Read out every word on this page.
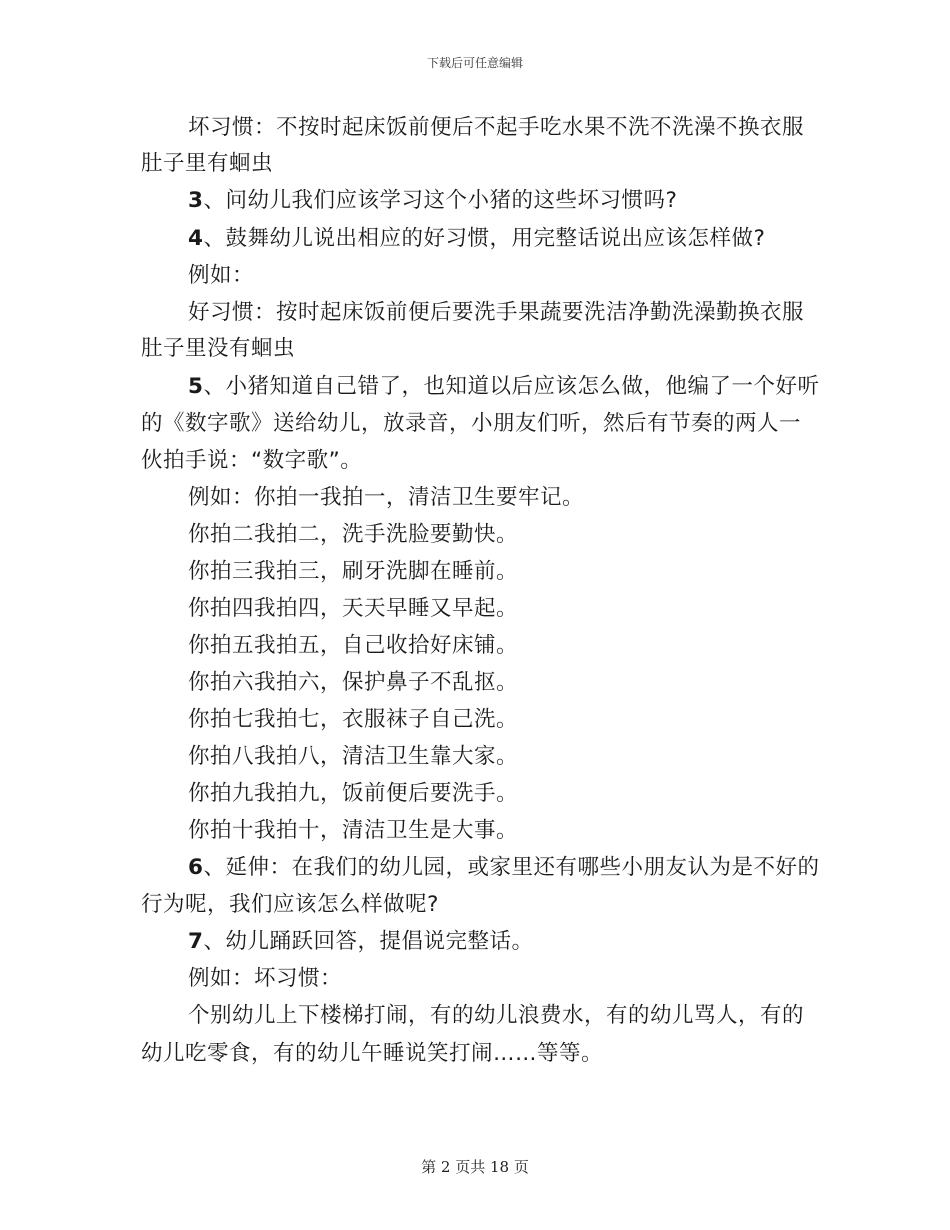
下载后可任意编辑
坏习惯：不按时起床饭前便后不起手吃水果不洗不洗澡不换衣服
肚子里有蛔虫
3、问幼儿我们应该学习这个小猪的这些坏习惯吗?
4、鼓舞幼儿说出相应的好习惯，用完整话说出应该怎样做?
例如：
好习惯：按时起床饭前便后要洗手果蔬要洗洁净勤洗澡勤换衣服
肚子里没有蛔虫
5、小猪知道自己错了，也知道以后应该怎么做，他编了一个好听
的《数字歌》送给幼儿，放录音，小朋友们听，然后有节奏的两人一
伙拍手说：“数字歌”。
例如：你拍一我拍一，清洁卫生要牢记。
你拍二我拍二，洗手洗脸要勤快。
你拍三我拍三，刷牙洗脚在睡前。
你拍四我拍四，天天早睡又早起。
你拍五我拍五，自己收拾好床铺。
你拍六我拍六，保护鼻子不乱抠。
你拍七我拍七，衣服袜子自己洗。
你拍八我拍八，清洁卫生靠大家。
你拍九我拍九，饭前便后要洗手。
你拍十我拍十，清洁卫生是大事。
6、延伸：在我们的幼儿园，或家里还有哪些小朋友认为是不好的
行为呢，我们应该怎么样做呢?
7、幼儿踊跃回答，提倡说完整话。
例如：坏习惯：
个别幼儿上下楼梯打闹，有的幼儿浪费水，有的幼儿骂人，有的
幼儿吃零食，有的幼儿午睡说笑打闹……等等。
第 2 页共 18 页
